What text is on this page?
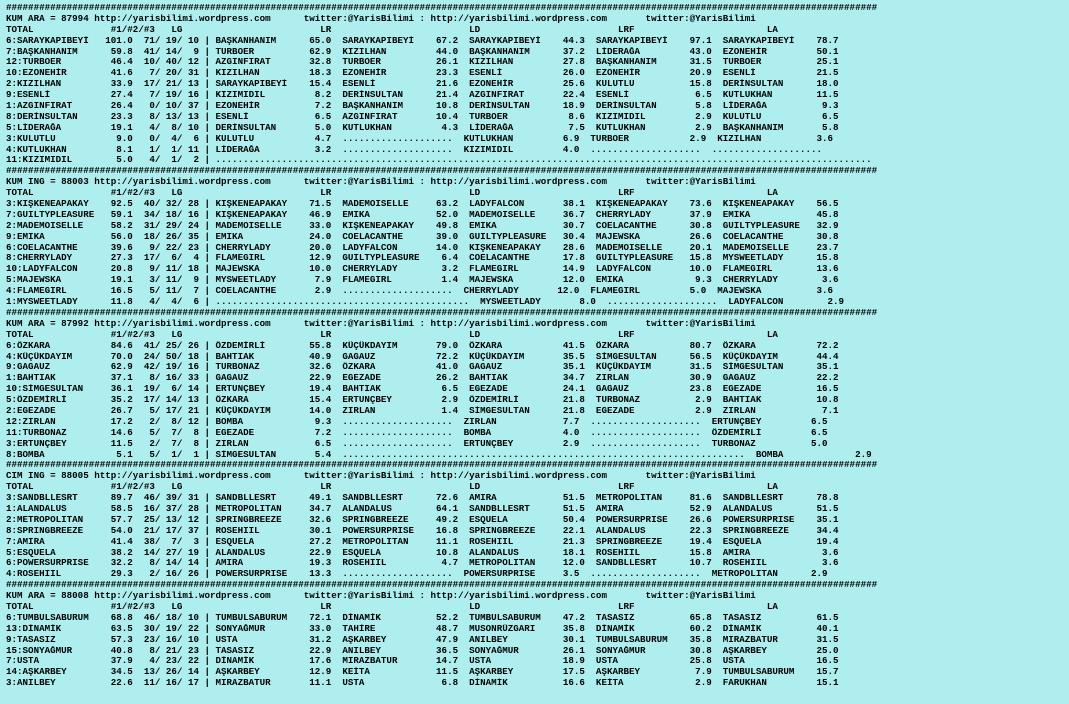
##############################################################################################################################################################
KUM ARA = 87994 http://yarisbilimi.wordpress.com      twitter:@YarisBilimi : http://yarisbilimi.wordpress.com       twitter:@YarisBilimi
TOTAL              #1/#2/#3   LG                         LR                         LD                         LRF                        LA
6:SARAYKAPIBEYİ   101.0  71/ 19/ 10 | BAŞKANHANIM      65.0  SARAYKAPIBEYİ    67.2  SARAYKAPIBEYİ    44.3  SARAYKAPIBEYİ    97.1  SARAYKAPIBEYİ    78.7
7:BAŞKANHANIM      59.8  41/ 14/  9 | TURBOER          62.9  KIZILHAN         44.0  BAŞKANHANIM      37.2  LİDERAĞA         43.0  EZONEHİR         50.1
12:TURBOER         46.4  10/ 40/ 12 | AZGINFIRAT       32.8  TURBOER          26.1  KIZILHAN         27.8  BAŞKANHANIM      31.5  TURBOER          25.1
10:EZONEHİR        41.6   7/ 20/ 31 | KIZILHAN         18.3  EZONEHİR         23.3  ESENLİ           26.0  EZONEHİR         20.9  ESENLİ           21.5
2:KIZILHAN         33.9  17/ 21/ 13 | SARAYKAPIBEYİ    15.4  ESENLİ           21.6  EZONEHİR         25.6  KULUTLU          15.8  DERİNSULTAN      18.0
9:ESENLİ           27.4   7/ 19/ 16 | KIZIMIDIL         8.2  DERİNSULTAN      21.4  AZGINFIRAT       22.4  ESENLİ            6.5  KUTLUKHAN        11.5
1:AZGINFIRAT       26.4   0/ 10/ 37 | EZONEHİR          7.2  BAŞKANHANIM      10.8  DERİNSULTAN      18.9  DERİNSULTAN       5.8  LİDERAĞA          9.3
8:DERİNSULTAN      23.3   8/ 13/ 13 | ESENLİ            6.5  AZGINFIRAT       10.4  TURBOER           8.6  KIZIMIDIL         2.9  KULUTLU           6.5
5:LİDERAĞA         19.1   4/  8/ 10 | DERİNSULTAN       5.0  KUTLUKHAN         4.3  LİDERAĞA          7.5  KUTLUKHAN         2.9  BAŞKANHANIM       5.8
3:KULUTLU           9.0   0/  4/  6 | KULUTLU           4.7  ....................  KUTLUKHAN         6.9  TURBOER           2.9  KIZILHAN          3.6
4:KUTLUKHAN         8.1   1/  1/ 11 | LİDERAĞA          3.2  ....................  KIZIMIDIL         4.0  ....................  ....................
11:KIZIMIDIL        5.0   4/  1/  2 | .......................................................................................................................
##############################################################################################################################################################
KUM ING = 88003 http://yarisbilimi.wordpress.com      twitter:@YarisBilimi : http://yarisbilimi.wordpress.com       twitter:@YarisBilimi
TOTAL              #1/#2/#3   LG                         LR                         LD                         LRF                        LA
3:KIŞKENEAPAKAY    92.5  40/ 32/ 28 | KIŞKENEAPAKAY    71.5  MADEMOISELLE     63.2  LADYFALCON       38.1  KIŞKENEAPAKAY    73.6  KIŞKENEAPAKAY    56.5
7:GUILTYPLEASURE   59.1  34/ 18/ 16 | KIŞKENEAPAKAY    46.9  EMIKA            52.0  MADEMOISELLE     36.7  CHERRYLADY       37.9  EMIKA            45.8
2:MADEMOISELLE     58.2  31/ 29/ 24 | MADEMOISELLE     33.0  KIŞKENEAPAKAY    49.8  EMIKA            30.7  COELACANTHE      30.8  GUILTYPLEASURE   32.9
9:EMIKA            56.0  18/ 26/ 35 | EMIKA            24.0  COELACANTHE      39.0  GUILTYPLEASURE   30.4  MAJEWSKA         26.6  COELACANTHE      30.8
6:COELACANTHE      39.6   9/ 22/ 23 | CHERRYLADY       20.0  LADYFALCON       14.0  KIŞKENEAPAKAY    28.6  MADEMOISELLE     20.1  MADEMOISELLE     23.7
8:CHERRYLADY       27.3  17/  6/  4 | FLAMEGIRL        12.9  GUILTYPLEASURE    6.4  COELACANTHE      17.8  GUILTYPLEASURE   15.8  MYSWEETLADY      15.8
10:LADYFALCON      20.8   9/ 11/ 18 | MAJEWSKA         10.0  CHERRYLADY        3.2  FLAMEGIRL        14.9  LADYFALCON       10.0  FLAMEGIRL        13.6
5:MAJEWSKA         19.1   3/ 11/  9 | MYSWEETLADY       7.9  FLAMEGIRL         1.4  MAJEWSKA         12.0  EMIKA             9.3  CHERRYLADY        3.6
4:FLAMEGIRL        16.5   5/ 11/  7 | COELACANTHE       2.9  ....................  CHERRYLADY       12.0  FLAMEGIRL         5.0  MAJEWSKA          3.6
1:MYSWEETLADY      11.8   4/  4/  6 | ..............................................  MYSWEETLADY       8.0  ....................  LADYFALCON        2.9
##############################################################################################################################################################
KUM ARA = 87992 http://yarisbilimi.wordpress.com      twitter:@YarisBilimi : http://yarisbilimi.wordpress.com       twitter:@YarisBilimi
TOTAL              #1/#2/#3   LG                         LR                         LD                         LRF                        LA
6:ÖZKARA           84.6  41/ 25/ 26 | ÖZDEMİRLİ        55.8  KÜÇÜKDAYIM       79.0  ÖZKARA           41.5  ÖZKARA           80.7  ÖZKARA           72.2
4:KÜÇÜKDAYIM       70.0  24/ 50/ 18 | BAHTIAK          40.9  GAGAUZ           72.2  KÜÇÜKDAYIM       35.5  SİMGESULTAN      56.5  KÜÇÜKDAYIM       44.4
9:GAGAUZ           62.9  42/ 19/ 16 | TURBONAZ         32.6  ÖZKARA           41.0  GAGAUZ           35.1  KÜÇÜKDAYIM       31.5  SİMGESULTAN      35.1
1:BAHTIAK          37.1   8/ 16/ 33 | GAGAUZ           22.9  EGEZADE          26.2  BAHTIAK          34.7  ZIRLAN           30.9  GAGAUZ           22.2
10:SİMGESULTAN     36.1  19/  6/ 14 | ERTUNÇBEY        19.4  BAHTIAK           6.5  EGEZADE          24.1  GAGAUZ           23.8  EGEZADE          16.5
5:ÖZDEMİRLİ        35.2  17/ 14/ 13 | ÖZKARA           15.4  ERTUNÇBEY         2.9  ÖZDEMİRLİ        21.8  TURBONAZ          2.9  BAHTIAK          10.8
2:EGEZADE          26.7   5/ 17/ 21 | KÜÇÜKDAYIM       14.0  ZIRLAN            1.4  SİMGESULTAN      21.8  EGEZADE           2.9  ZIRLAN            7.1
12:ZIRLAN          17.2   2/  8/ 12 | BOMBA             9.3  ....................  ZIRLAN            7.7  ....................  ERTUNÇBEY         6.5
11:TURBONAZ        14.6   5/  7/  8 | EGEZADE           7.2  ....................  BOMBA             4.0  ....................  ÖZDEMİRLİ         6.5
3:ERTUNÇBEY        11.5   2/  7/  8 | ZIRLAN            6.5  ....................  ERTUNÇBEY         2.9  ....................  TURBONAZ          5.0
8:BOMBA             5.1   5/  1/  1 | SİMGESULTAN       5.4  .........................................................................  BOMBA             2.9
##############################################################################################################################################################
CIM ING = 88005 http://yarisbilimi.wordpress.com      twitter:@YarisBilimi : http://yarisbilimi.wordpress.com       twitter:@YarisBilimi
TOTAL              #1/#2/#3   LG                         LR                         LD                         LRF                        LA
3:SANDBLLESRT      89.7  46/ 39/ 31 | SANDBLLESRT      49.1  SANDBLLESRT      72.6  AMIRA            51.5  METROPOLITAN     81.6  SANDBLLESRT      78.8
1:ALANDALUS        58.5  16/ 37/ 28 | METROPOLITAN     34.7  ALANDALUS        64.1  SANDBLLESRT      51.5  AMIRA            52.9  ALANDALUS        51.5
2:METROPOLITAN     57.7  25/ 13/ 12 | SPRINGBREEZE     32.6  SPRINGBREEZE     49.2  ESQUELA          50.4  POWERSURPRISE    26.6  POWERSURPRISE    35.1
8:SPRINGBREEZE     54.0  21/ 17/ 37 | ROSEHIIL         30.1  POWERSURPRISE    16.8  SPRINGBREEZE     22.1  ALANDALUS        22.3  SPRINGBREEZE     34.4
7:AMIRA            41.4  38/  7/  3 | ESQUELA          27.2  METROPOLITAN     11.1  ROSEHIIL         21.3  SPRINGBREEZE     19.4  ESQUELA          19.4
5:ESQUELA          38.2  14/ 27/ 19 | ALANDALUS        22.9  ESQUELA          10.8  ALANDALUS        18.1  ROSEHIIL         15.8  AMIRA             3.6
6:POWERSURPRISE    32.2   8/ 14/ 14 | AMIRA            19.3  ROSEHIIL          4.7  METROPOLITAN     12.0  SANDBLLESRT      10.7  ROSEHIIL          3.6
4:ROSEHIIL         29.3   2/ 16/ 26 | POWERSURPRISE    13.3  ....................  POWERSURPRISE     3.5  ....................  METROPOLITAN      2.9
##############################################################################################################################################################
KUM ARA = 88008 http://yarisbilimi.wordpress.com      twitter:@YarisBilimi : http://yarisbilimi.wordpress.com       twitter:@YarisBilimi
TOTAL              #1/#2/#3   LG                         LR                         LD                         LRF                        LA
6:TUMBULSABURUM    68.8  46/ 18/ 10 | TUMBULSABURUM    72.1  DİNAMİK          52.2  TUMBULSABURUM    47.2  TASASIZ          65.8  TASASIZ          61.5
13:DİNAMİK         63.5  30/ 19/ 22 | SONYAĞMUR        33.0  TAHİRE           48.7  MUSONRÜZGARI     35.8  DİNAMİK          60.2  DİNAMİK          40.1
9:TASASIZ          57.3  23/ 16/ 10 | USTA             31.2  AŞKARBEY         47.9  ANILBEY          30.1  TUMBULSABURUM    35.8  MIRAZBATUR       31.5
15:SONYAĞMUR       40.8   8/ 21/ 23 | TASASIZ          22.9  ANILBEY          36.5  SONYAĞMUR        26.1  SONYAĞMUR        30.8  AŞKARBEY         25.0
7:USTA             37.9   4/ 23/ 22 | DİNAMİK          17.6  MIRAZBATUR       14.7  USTA             18.9  USTA             25.8  USTA             16.5
14:AŞKARBEY        34.5  13/ 26/ 14 | AŞKARBEY         12.9  KEİTA            11.5  AŞKARBEY         17.5  AŞKARBEY          7.9  TUMBULSABURUM    15.7
3:ANILBEY          22.6  11/ 16/ 17 | MIRAZBATUR       11.1  USTA              6.8  DİNAMİK          16.6  KEİTA             2.9  FARUKHAN         15.1
